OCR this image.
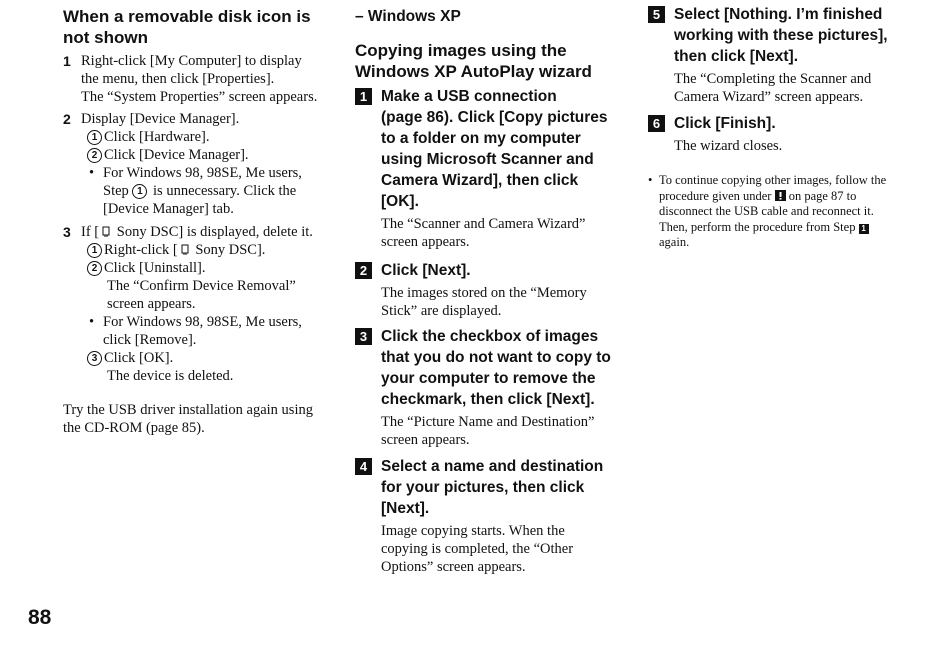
When a removable disk icon is not shown
1 Right-click [My Computer] to display
the menu, then click [Properties].
The “System Properties” screen appears.
2 Display [Device Manager].
1 Click [Hardware].
2 Click [Device Manager].
• For Windows 98, 98SE, Me users,
Step 1 is unnecessary. Click the
[Device Manager] tab.
3 If [ Sony DSC] is displayed, delete it.
1 Right-click [ Sony DSC].
2 Click [Uninstall].
The “Confirm Device Removal”
screen appears.
• For Windows 98, 98SE, Me users,
click [Remove].
3 Click [OK].
The device is deleted.
Try the USB driver installation again using
the CD-ROM (page 85).
– Windows XP
Copying images using the
Windows XP AutoPlay wizard
1 Make a USB connection
(page 86). Click [Copy pictures
to a folder on my computer
using Microsoft Scanner and
Camera Wizard], then click
[OK].
The “Scanner and Camera Wizard”
screen appears.
2 Click [Next].
The images stored on the “Memory
Stick” are displayed.
3 Click the checkbox of images
that you do not want to copy to
your computer to remove the
checkmark, then click [Next].
The “Picture Name and Destination”
screen appears.
4 Select a name and destination
for your pictures, then click
[Next].
Image copying starts. When the
copying is completed, the “Other
Options” screen appears.
5 Select [Nothing. I’m finished
working with these pictures],
then click [Next].
The “Completing the Scanner and
Camera Wizard” screen appears.
6 Click [Finish].
The wizard closes.
• To continue copying other images, follow the
procedure given under on page 87 to
disconnect the USB cable and reconnect it.
Then, perform the procedure from Step 1
again.
88
